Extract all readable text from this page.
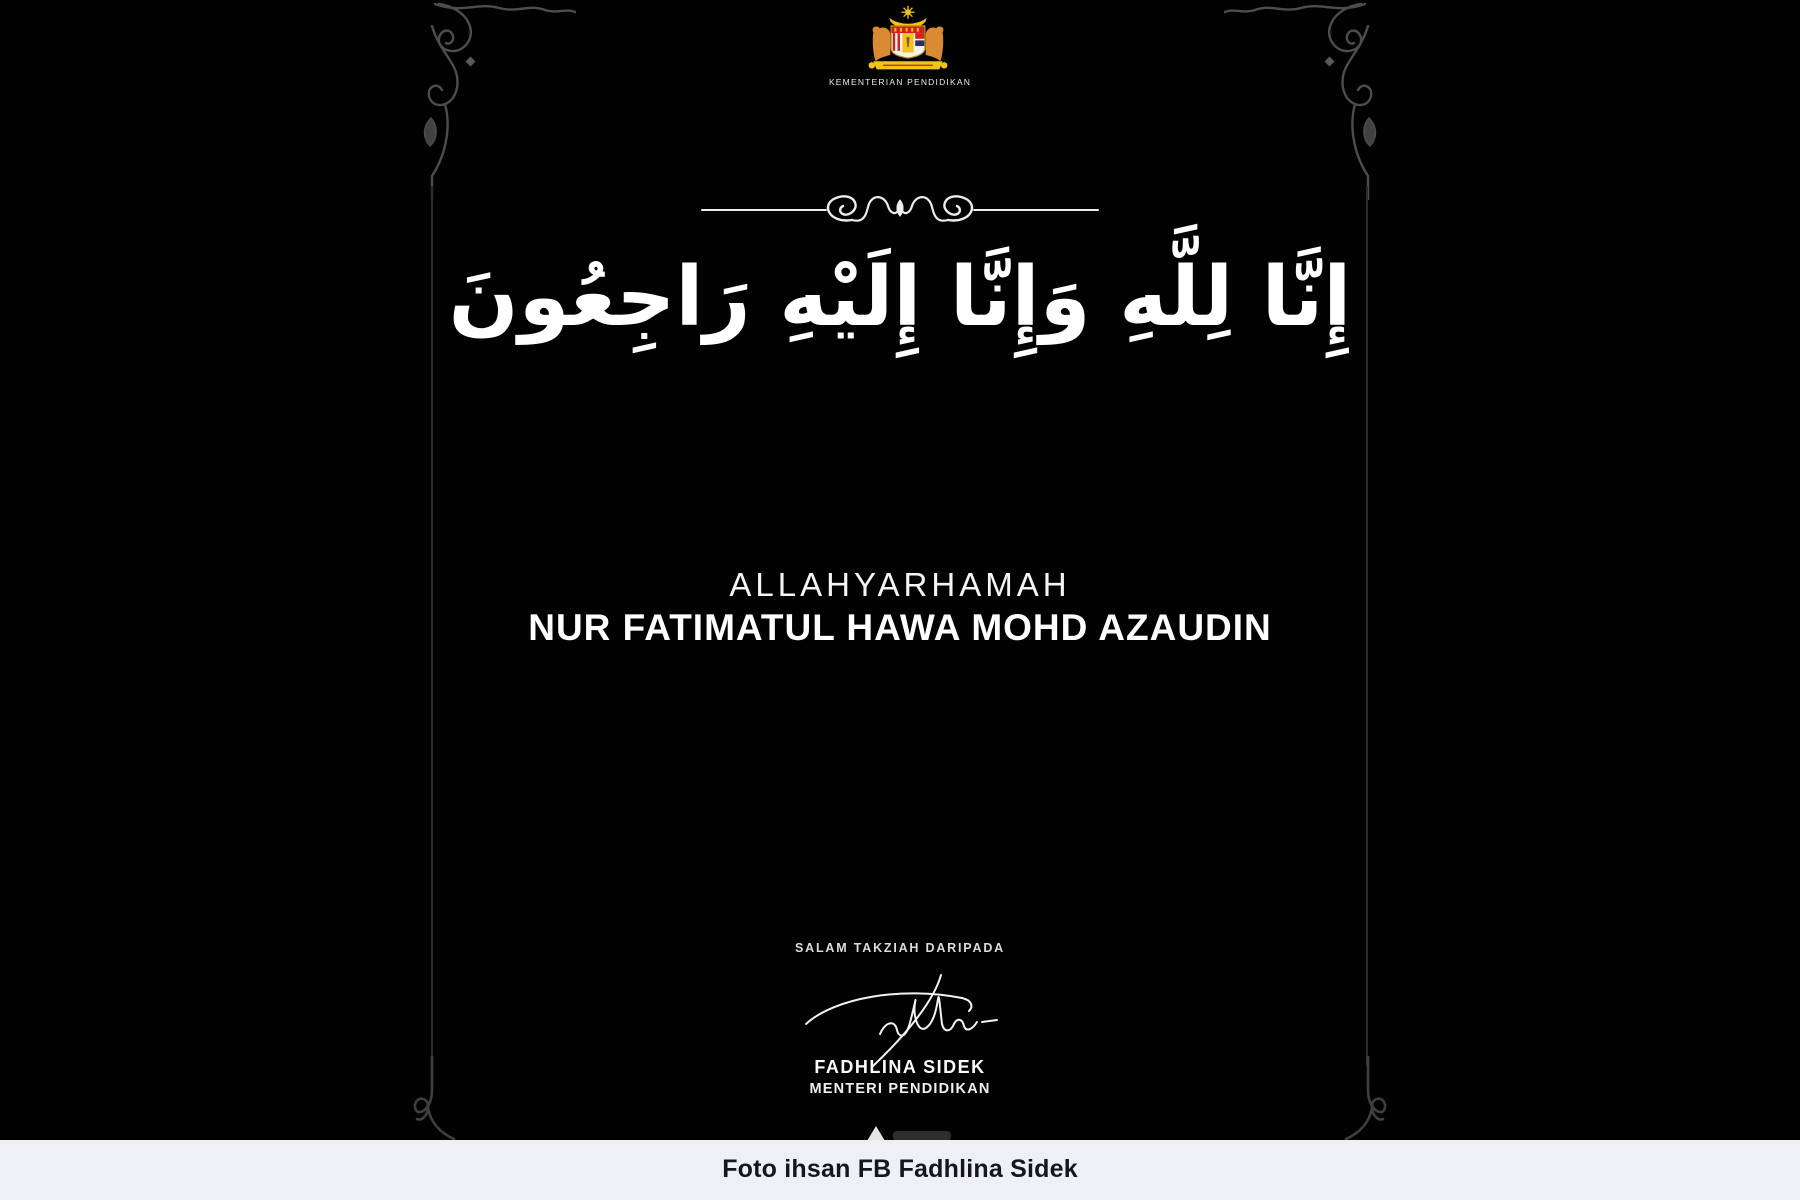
KEMENTERIAN PENDIDIKAN
إِنَّا لِلَّهِ وَإِنَّا إِلَيْهِ رَاجِعُونَ
ALLAHYARHAMAH
NUR FATIMATUL HAWA MOHD AZAUDIN
SALAM TAKZIAH DARIPADA
FADHLINA SIDEK
MENTERI PENDIDIKAN
Foto ihsan FB Fadhlina Sidek
